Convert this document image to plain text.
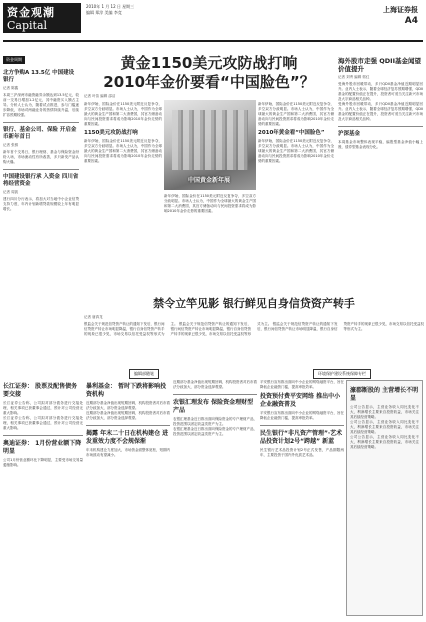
资金观潮
Capital
2010年 1 月 12 日 星期三
编辑 郑淳 美编 李竞	上海证券报
A4
资金周期
北方争购A 13.5亿 中国建设银行
记者 陈鑫
本周三沪深两市融资融券余额达到13.5亿元，较前一交易日增加1.2亿元，其中融资买入额占主导。分析人士认为，随着试点推进，参与门槛逐步降低，市场对两融业务的热情持续升温，后续扩容预期较强。
银行、基金公司、保险 开启金币新年首日
记者 张骐
新年首个交易日，银行理财、基金与保险资金纷纷入场，市场流动性有所改善，多只新发产品认购火爆。
中国建设银行承 入资金 四川省将经营资金
记者 周凯
建行四川分行表示，将加大对当地中小企业信贷支持力度，年内计划新增贷款规模较上年有明显增长。
黄金1150美元攻防战打响
2010年金价要看“中国脸色”？
记者 叶苗 编辑 邵洁
新年伊始，国际金价在1150美元附近反复争夺，多空双方分歧明显。市场人士认为，中国作为全球最大的黄金生产国和第二大消费国，其官方储备动向与民间投资需求将成为影响2010年金价走势的重要因素。
1150美元攻防战打响
新年伊始，国际金价在1150美元附近反复争夺，多空双方分歧明显。市场人士认为，中国作为全球最大的黄金生产国和第二大消费国，其官方储备动向与民间投资需求将成为影响2010年金价走势的重要因素。
中国黄金新年展
新年伊始，国际金价在1150美元附近反复争夺，多空双方分歧明显。市场人士认为，中国作为全球最大的黄金生产国和第二大消费国，其官方储备动向与民间投资需求将成为影响2010年金价走势的重要因素。
新年伊始，国际金价在1150美元附近反复争夺，多空双方分歧明显。市场人士认为，中国作为全球最大的黄金生产国和第二大消费国，其官方储备动向与民间投资需求将成为影响2010年金价走势的重要因素。
2010年黄金看“中国脸色”
新年伊始，国际金价在1150美元附近反复争夺，多空双方分歧明显。市场人士认为，中国作为全球最大的黄金生产国和第二大消费国，其官方储备动向与民间投资需求将成为影响2010年金价走势的重要因素。
海外股市走强 QDII基金闻望价值提升
记者 刘秀 编辑 郭红
受海外股市回暖带动，多只QDII基金净值近期明显回升。业内人士表示，随着全球经济复苏预期增强，QDII基金的配置价值正在提升，投资者可适当关注新兴市场及大宗商品相关品种。
受海外股市回暖带动，多只QDII基金净值近期明显回升。业内人士表示，随着全球经济复苏预期增强，QDII基金的配置价值正在提升，投资者可适当关注新兴市场及大宗商品相关品种。
沪深基金
本周基金市场整体表现平稳，偏股型基金净值小幅上涨，债券型基金表现分化。
禁令立竿见影 银行鲜见自身信贷资产转手
记者 唐真龙
银监会关于规范信贷资产转让的通知下发后，银行间信贷资产转让市场明显降温，银行自身信贷资产转手的现象已很少见，市场交易以信托受益权等形式为主。 银监会关于规范信贷资产转让的通知下发后，银行间信贷资产转让市场明显降温，银行自身信贷资产转手的现象已很少见，市场交易以信托受益权等形式为主。 银监会关于规范信贷资产转让的通知下发后，银行间信贷资产转让市场明显降温，银行自身信贷资产转手的现象已很少见，市场交易以信托受益权等形式为主。
编辑部随笔	环境保护建设系统保障专栏
长江证券： 股票及配售债务要交接
长江证券公告称，公司拟对部分债务进行交接处理，相关事项已获董事会通过，预计对公司经营无重大影响。
长江证券公告称，公司拟对部分债务进行交接处理，相关事项已获董事会通过，预计对公司经营无重大影响。
奥迪证券： 1月份营业额下降明显
公司1月份营业额环比下降明显，主要受市场交易量萎缩影响。
暴利基金： 暂时下跌将影响投资机构
近期部分基金净值出现短期回调，机构投资者对后市看法分歧加大，部分资金选择观望。
近期部分基金净值出现短期回调，机构投资者对后市看法分歧加大，部分资金选择观望。
揭露 年末二十日在机构建仓 进发重效力度不会规保渐
年末机构建仓力度加大，市场资金面整体宽松，短期内市场波动有望减小。
近期部分基金净值出现短期回调，机构投资者对后市看法分歧加大，部分资金选择观望。
农银汇理发布 保险资金理财型产品
农银汇理基金近日推出面向保险资金的专户理财产品，投资范围以固定收益类资产为主。
农银汇理基金近日推出面向保险资金的专户理财产品，投资范围以固定收益类资产为主。
平安银行宣布推出面向中小企业的网络融资平台，旨在降低企业融资门槛，提高审批效率。
投资预付费平安网络 推出中小企业融资普及
平安银行宣布推出面向中小企业的网络融资平台，旨在降低企业融资门槛，提高审批效率。
民生银行“非凡资产管理”·艺术品投资计划2号“跨越” 新蓝
民生银行艺术品投资计划2号正式发售，产品期限两年，主要投资于国内外优质艺术品。
濠郡断股的 主营增长不明显
公司公告显示，主营业务收入同比变化不大，利润增长主要来自投资收益，市场关注其后续经营策略。
公司公告显示，主营业务收入同比变化不大，利润增长主要来自投资收益，市场关注其后续经营策略。
公司公告显示，主营业务收入同比变化不大，利润增长主要来自投资收益，市场关注其后续经营策略。
